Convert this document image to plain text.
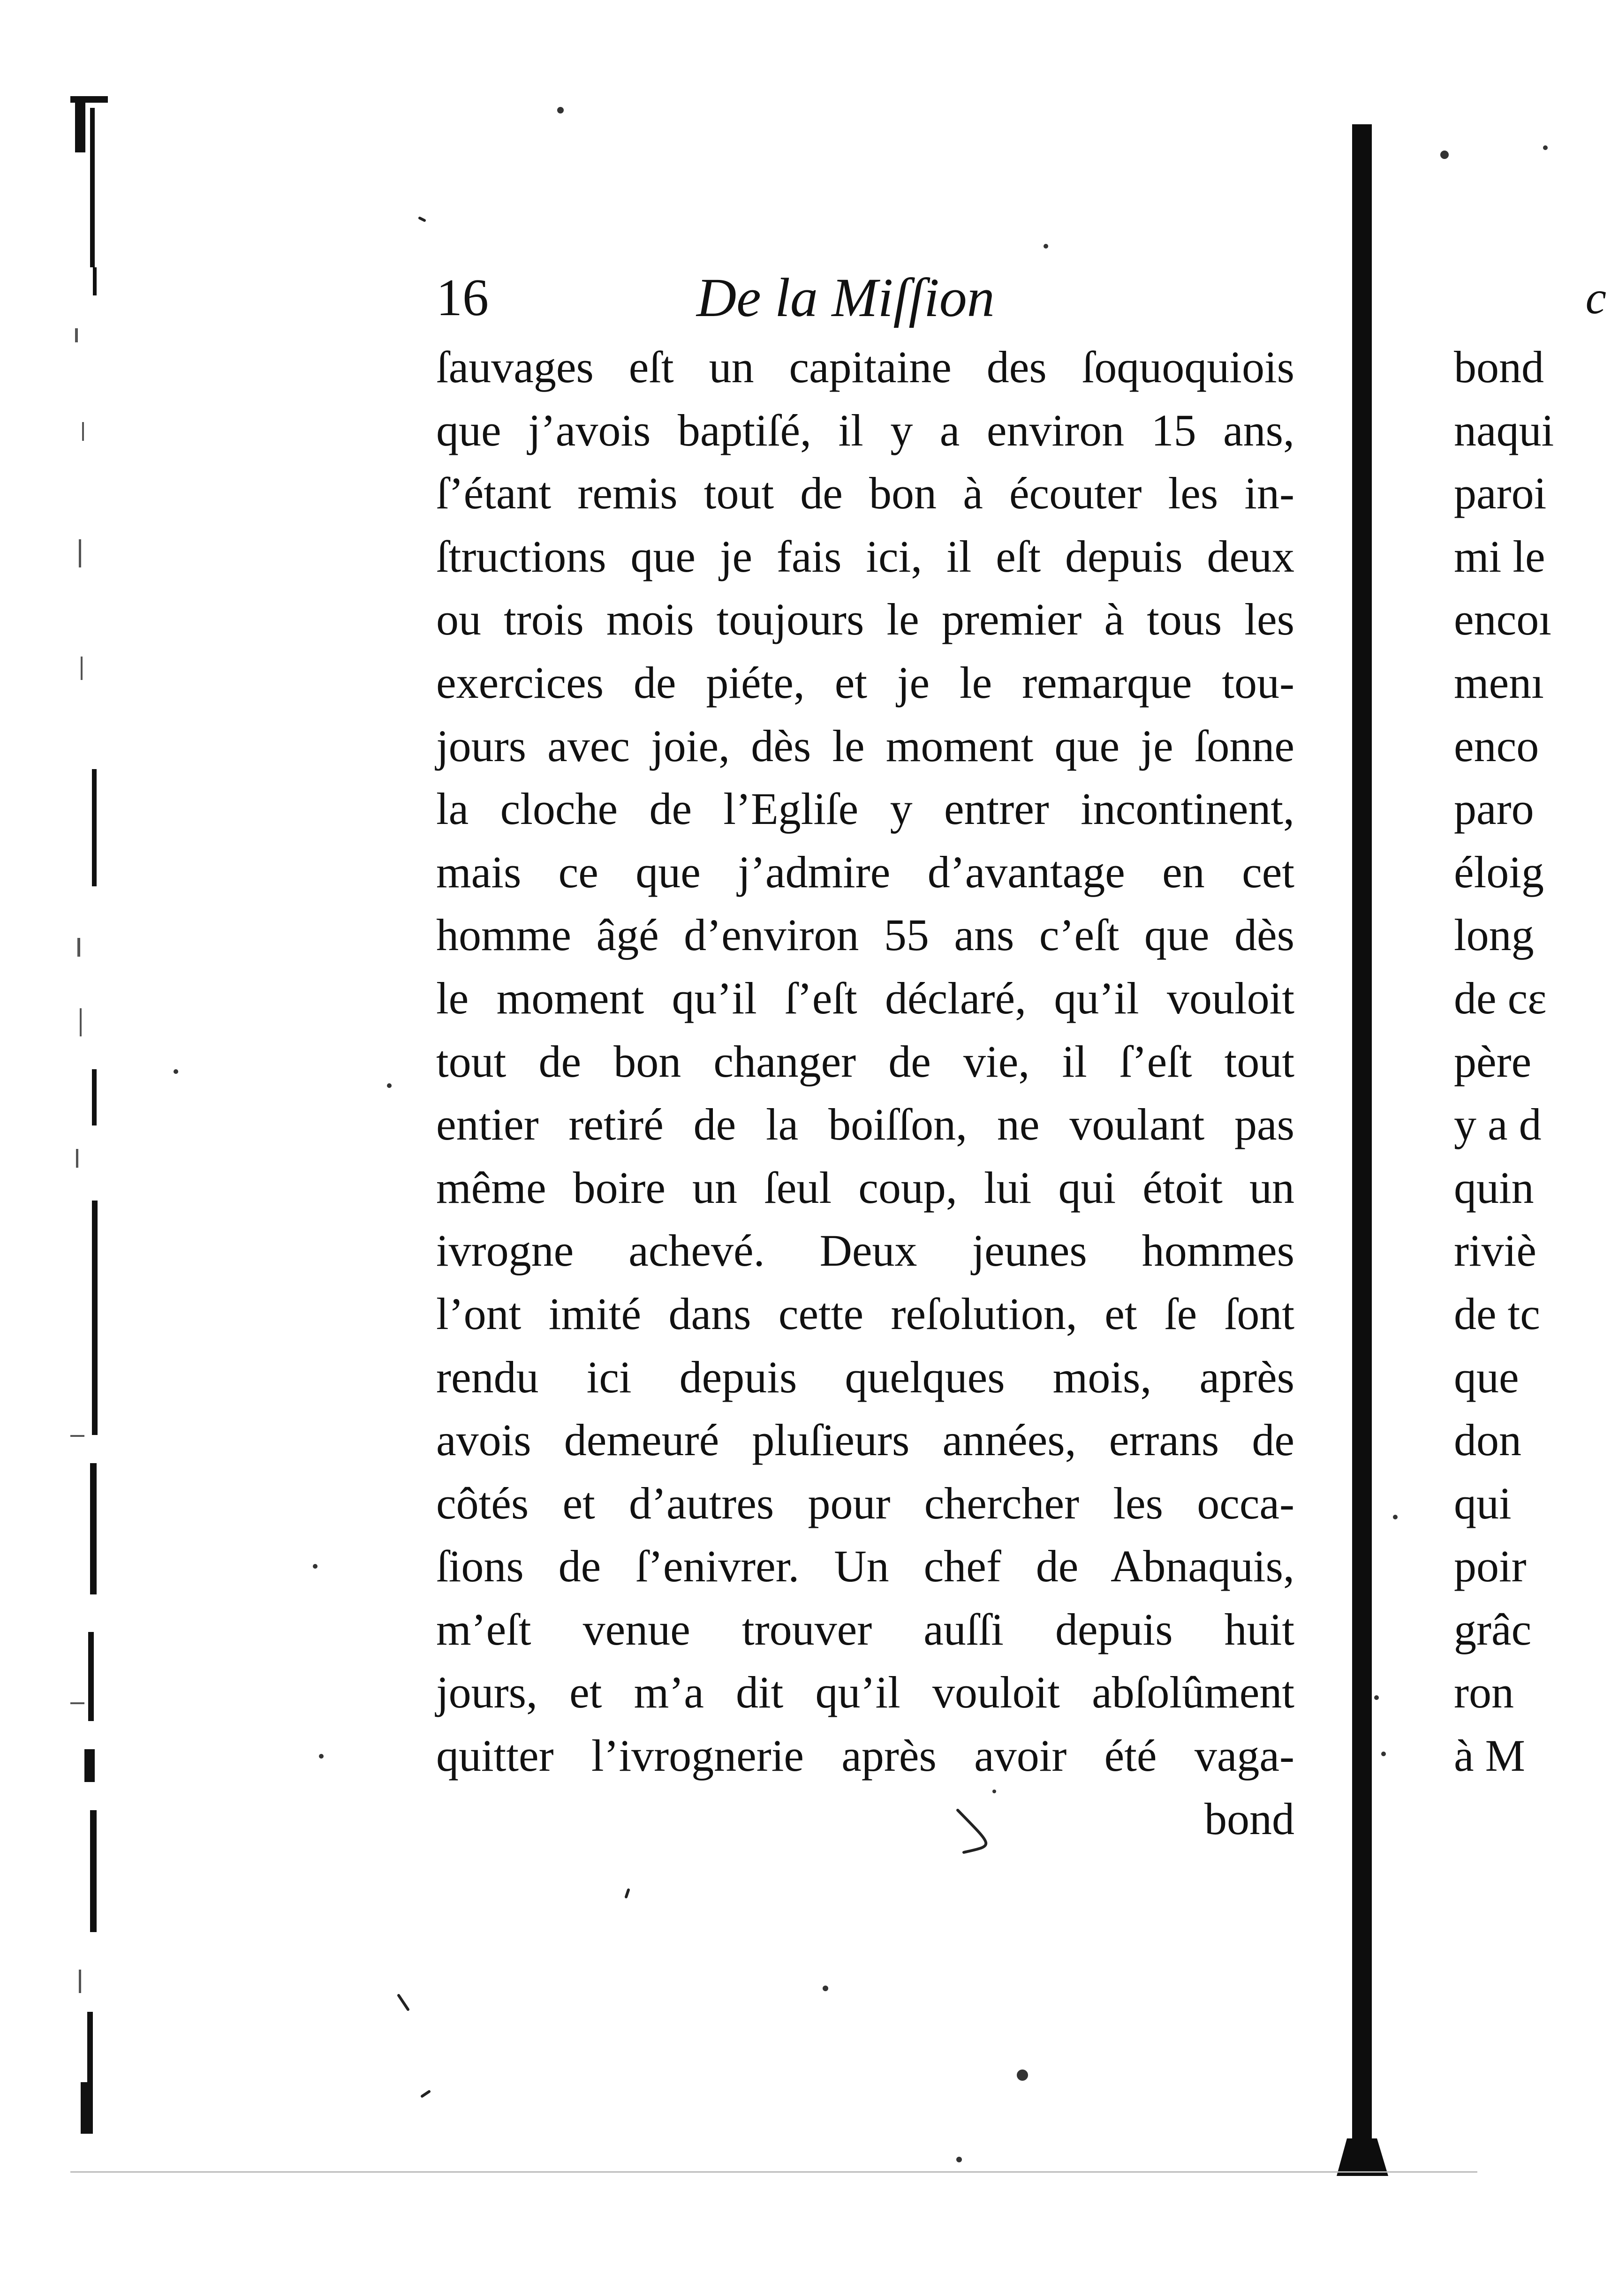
16	De la Miſſion
ſauvages eſt un capitaine des ſoquoquiois
que j’avois baptiſé, il y a environ 15 ans,
ſ’étant remis tout de bon à écouter les in-
ſtructions que je fais ici, il eſt depuis deux
ou trois mois toujours le premier à tous les
exercices de piéte, et je le remarque tou-
jours avec joie, dès le moment que je ſonne
la cloche de l’Egliſe y entrer incontinent,
mais ce que j’admire d’avantage en cet
homme âgé d’environ 55 ans c’eſt que dès
le moment qu’il ſ’eſt déclaré, qu’il vouloit
tout de bon changer de vie, il ſ’eſt tout
entier retiré de la boiſſon, ne voulant pas
même boire un ſeul coup, lui qui étoit un
ivrogne achevé. Deux jeunes hommes
l’ont imité dans cette reſolution, et ſe ſont
rendu ici depuis quelques mois, après
avois demeuré pluſieurs années, errans de
côtés et d’autres pour chercher les occa-
ſions de ſ’enivrer. Un chef de Abnaquis,
m’eſt venue trouver auſſi depuis huit
jours, et m’a dit qu’il vouloit abſolûment
quitter l’ivrognerie après avoir été vaga-
bond
c
bond
naqui
paroi
mi le
encoı
menı
enco
paro
éloig
long
de cɛ
père
y a d
quin
riviè
de tc
que
don
qui
poir
grâc
ron
à M
